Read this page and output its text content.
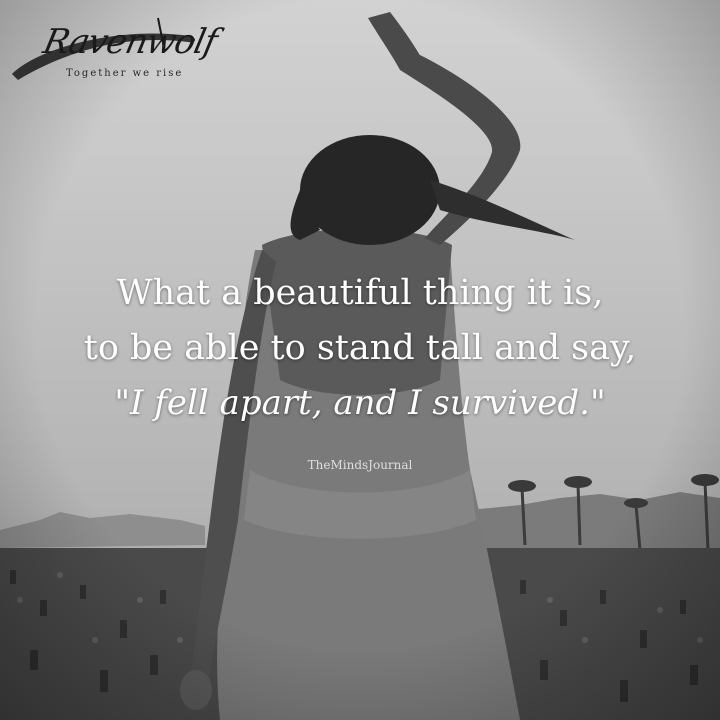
Ravenwolf
Together we rise

What a beautiful thing it is,

to be able to stand tall and say,

"I fell apart, and I survived."

TheMindsJournal
